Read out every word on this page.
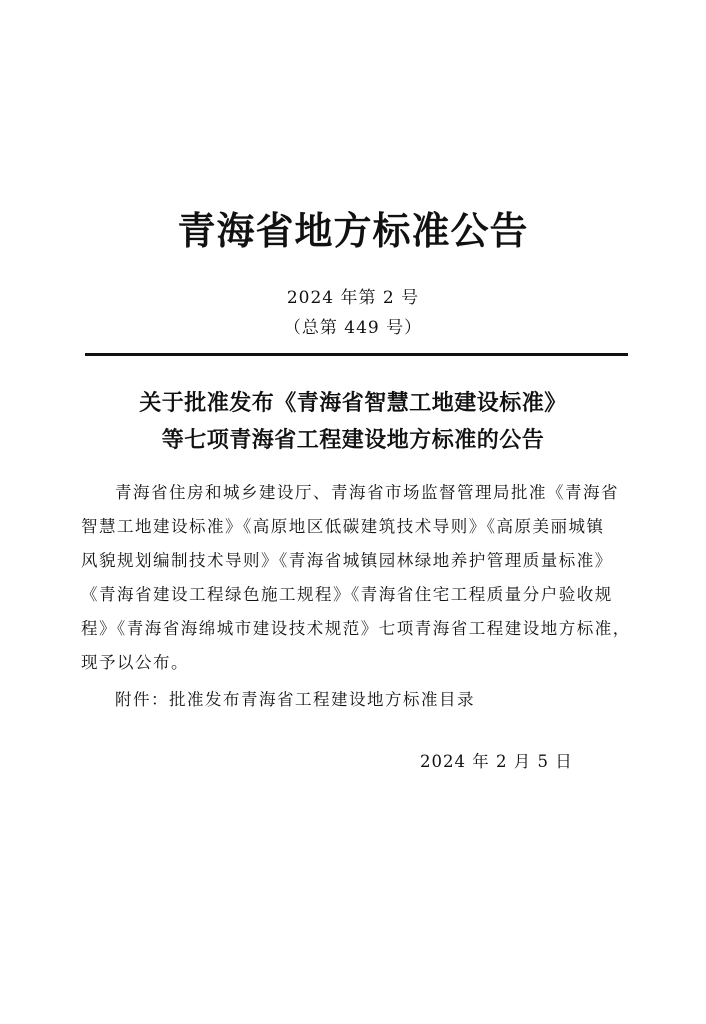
青海省地方标准公告
2024 年第 2 号
（总第 449 号）
关于批准发布《青海省智慧工地建设标准》
等七项青海省工程建设地方标准的公告
青海省住房和城乡建设厅、青海省市场监督管理局批准《青海省
智慧工地建设标准》《高原地区低碳建筑技术导则》《高原美丽城镇
风貌规划编制技术导则》《青海省城镇园林绿地养护管理质量标准》
《青海省建设工程绿色施工规程》《青海省住宅工程质量分户验收规
程》《青海省海绵城市建设技术规范》七项青海省工程建设地方标准，
现予以公布。
附件：批准发布青海省工程建设地方标准目录
2024 年 2 月 5 日
